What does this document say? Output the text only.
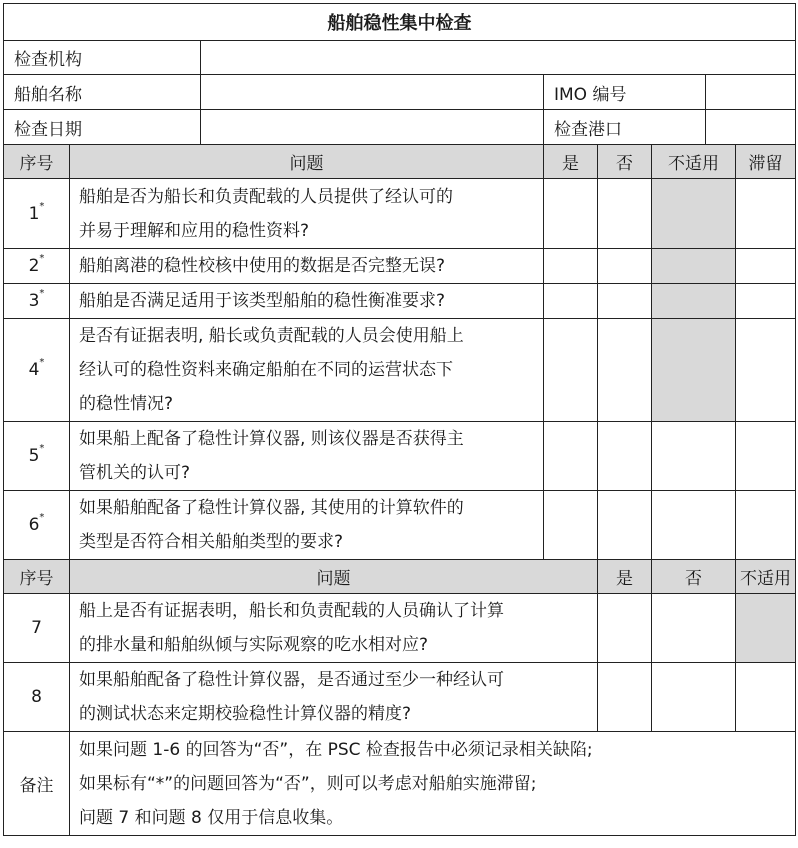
船舶稳性集中检查							
检查机构							
船舶名称			IMO 编号				
检查日期			检查港口				
序号	问题		是	否	不适用		滞留
1*	船舶是否为船长和负责配载的人员提供了经认可的
并易于理解和应用的稳性资料?						

2*	船舶离港的稳性校核中使用的数据是否完整无误?						

3*	船舶是否满足适用于该类型船舶的稳性衡准要求?						

4*	是否有证据表明, 船长或负责配载的人员会使用船上
经认可的稳性资料来确定船舶在不同的运营状态下
的稳性情况?						

5*	如果船上配备了稳性计算仪器, 则该仪器是否获得主
管机关的认可?						

6*	如果船舶配备了稳性计算仪器, 其使用的计算软件的
类型是否符合相关船舶类型的要求?						

序号	问题			是	否		不适用
7	船上是否有证据表明，船长和负责配载的人员确认了计算
的排水量和船舶纵倾与实际观察的吃水相对应?						

8	如果船舶配备了稳性计算仪器，是否通过至少一种经认可
的测试状态来定期校验稳性计算仪器的精度?						

备注	如果问题 1-6 的回答为“否”，在 PSC 检查报告中必须记录相关缺陷;
如果标有“*”的问题回答为“否”，则可以考虑对船舶实施滞留;
问题 7 和问题 8 仅用于信息收集。						
